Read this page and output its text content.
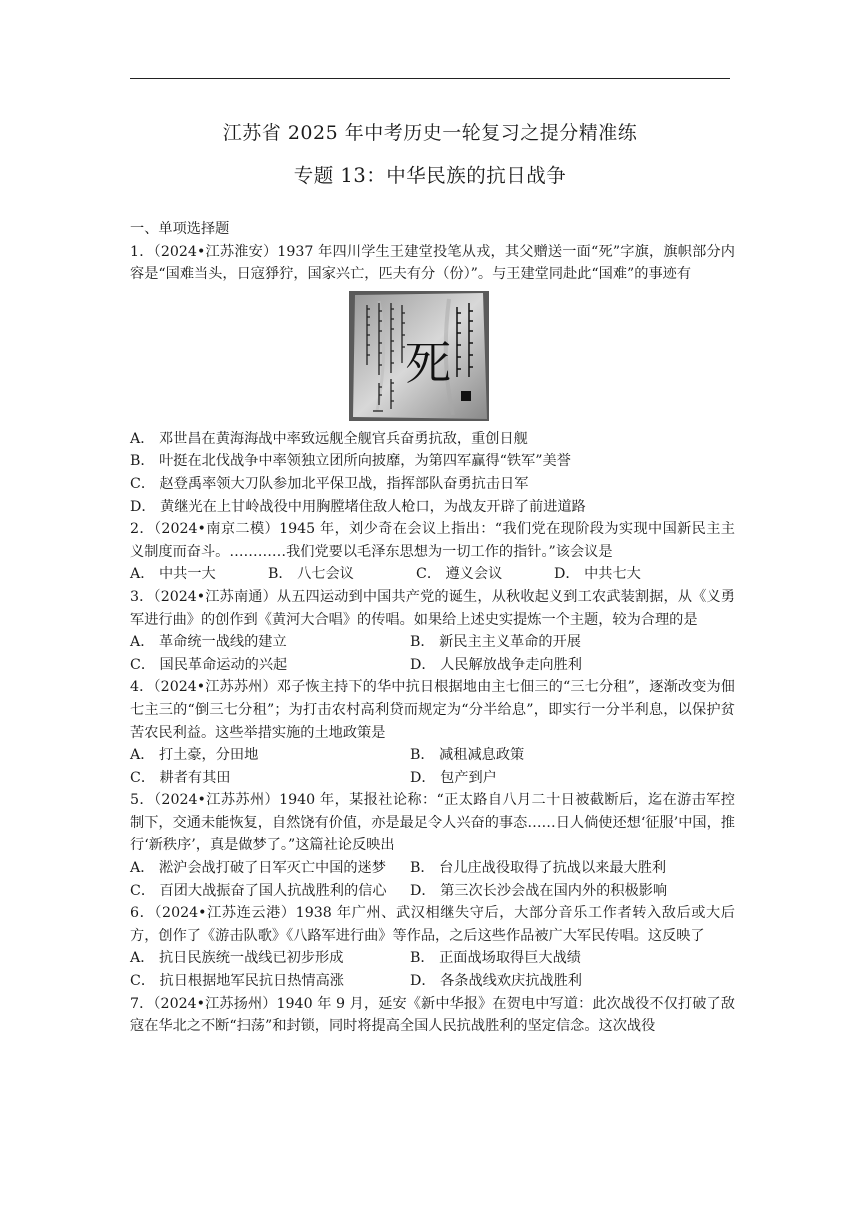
江苏省 2025 年中考历史一轮复习之提分精准练
专题 13：中华民族的抗日战争

一、单项选择题

1．（2024•江苏淮安）1937 年四川学生王建堂投笔从戎，其父赠送一面“死”字旗，旗帜部分内容是“国难当头，日寇猙狞，国家兴亡，匹夫有分（份）”。与王建堂同赴此“国难”的事迹有

死

A． 邓世昌在黄海海战中率致远舰全舰官兵奋勇抗敌，重创日舰

B． 叶挺在北伐战争中率领独立团所向披靡，为第四军赢得“铁军”美誉

C． 赵登禹率领大刀队参加北平保卫战，指挥部队奋勇抗击日军

D． 黄继光在上甘岭战役中用胸膛堵住敌人枪口，为战友开辟了前进道路

2．（2024•南京二模）1945 年，刘少奇在会议上指出：“我们党在现阶段为实现中国新民主主义制度而奋斗。…………我们党要以毛泽东思想为一切工作的指针。”该会议是

A． 中共一大	B． 八七会议	C． 遵义会议	D． 中共七大

3．（2024•江苏南通）从五四运动到中国共产党的诞生，从秋收起义到工农武装割据，从《义勇军进行曲》的创作到《黄河大合唱》的传唱。如果给上述史实提炼一个主题，较为合理的是

A． 革命统一战线的建立	B． 新民主主义革命的开展
C． 国民革命运动的兴起	D． 人民解放战争走向胜利

4．（2024•江苏苏州）邓子恢主持下的华中抗日根据地由主七佃三的“三七分租”，逐渐改变为佃七主三的“倒三七分租”；为打击农村高利贷而规定为“分半给息”，即实行一分半利息，以保护贫苦农民利益。这些举措实施的土地政策是

A． 打土豪，分田地	B． 减租减息政策
C． 耕者有其田	D． 包产到户

5．（2024•江苏苏州）1940 年，某报社论称：“正太路自八月二十日被截断后，迄在游击军控制下，交通未能恢复，自然饶有价值，亦是最足令人兴奋的事态……日人倘使还想‘征服’中国，推行‘新秩序’，真是做梦了。”这篇社论反映出

A． 淞沪会战打破了日军灭亡中国的迷梦	B． 台儿庄战役取得了抗战以来最大胜利
C． 百团大战振奋了国人抗战胜利的信心	D． 第三次长沙会战在国内外的积极影响

6．（2024•江苏连云港）1938 年广州、武汉相继失守后，大部分音乐工作者转入敌后或大后方，创作了《游击队歌》《八路军进行曲》等作品，之后这些作品被广大军民传唱。这反映了

A． 抗日民族统一战线已初步形成	B． 正面战场取得巨大战绩
C． 抗日根据地军民抗日热情高涨	D． 各条战线欢庆抗战胜利

7．（2024•江苏扬州）1940 年 9 月，延安《新中华报》在贺电中写道：此次战役不仅打破了敌寇在华北之不断“扫荡”和封锁，同时将提高全国人民抗战胜利的坚定信念。这次战役
